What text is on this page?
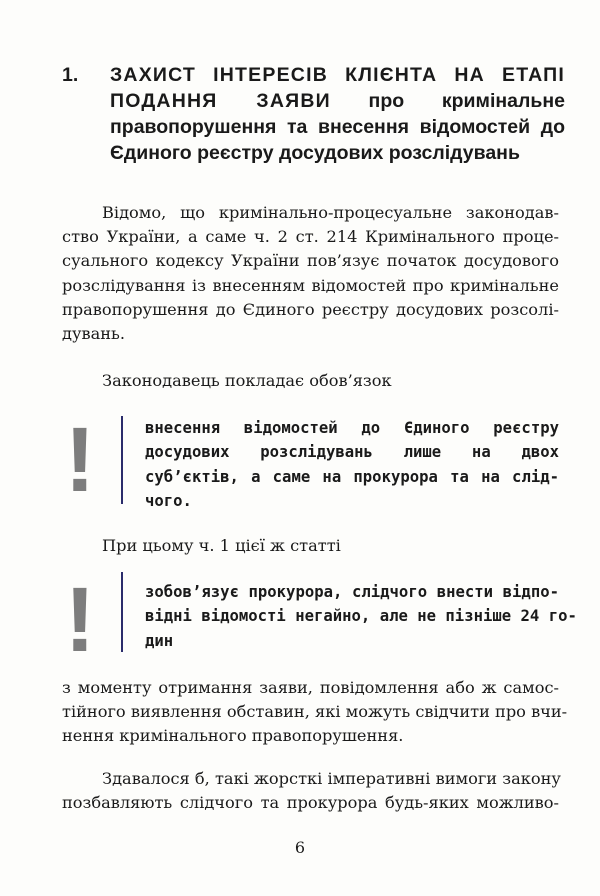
1. ЗАХИСТ ІНТЕРЕСІВ КЛІЄНТА НА ЕТАПІ
ПОДАННЯ ЗАЯВИ про кримінальне правопорушення та внесення відомостей до Єдиного реєстру досудових розслідувань
Відомо, що кримінально-процесуальне законодав-
ство України, а саме ч. 2 ст. 214 Кримінального проце-
суального кодексу України пов’язує початок досудового
розслідування із внесенням відомостей про кримінальне
правопорушення до Єдиного реєстру досудових розсолі-
дувань.
Законодавець покладає обов’язок
!	внесення відомостей до Єдиного реєстру
досудових розслідувань лише на двох
суб’єктів, а саме на прокурора та на слід-
чого.
При цьому ч. 1 цієї ж статті
!	зобов’язує прокурора, слідчого внести відпо-
відні відомості негайно, але не пізніше 24 го-
дин
з моменту отримання заяви, повідомлення або ж самос-
тійного виявлення обставин, які можуть свідчити про вчи-
нення кримінального правопорушення.
Здавалося б, такі жорсткі імперативні вимоги закону
позбавляють слідчого та прокурора будь-яких можливо-
6
